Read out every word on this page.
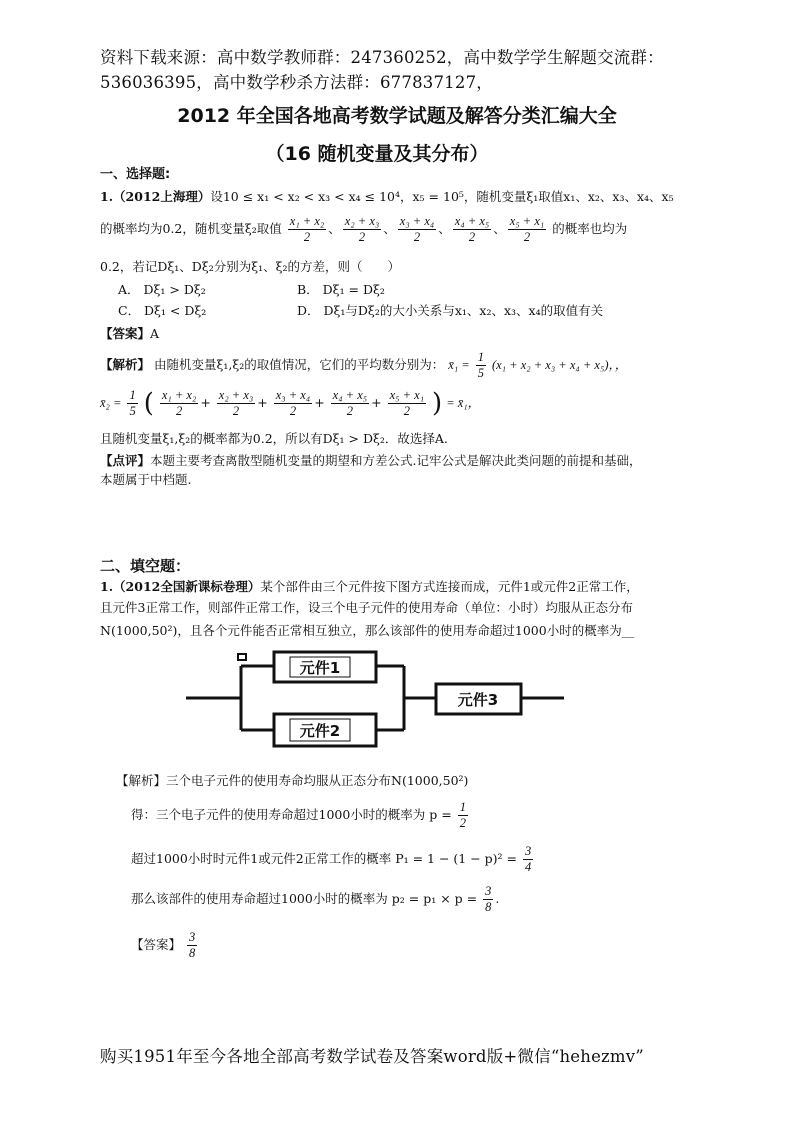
资料下载来源：高中数学教师群：247360252，高中数学学生解题交流群：
536036395，高中数学秒杀方法群：677837127，
2012 年全国各地高考数学试题及解答分类汇编大全
（16 随机变量及其分布）
一、选择题:
1.（2012上海理）设10 ≤ x₁ < x₂ < x₃ < x₄ ≤ 10⁴，x₅ = 10⁵，随机变量ξ₁取值x₁、x₂、x₃、x₄、x₅
的概率均为0.2，随机变量ξ₂取值 $\frac{\text{x₁ + x₂}}{2}$ 、 $\frac{\text{x₂ + x₃}}{2}$ 、 $\frac{\text{x₃ + x₄}}{2}$ 、 $\frac{\text{x₄ + x₅}}{2}$ 、 $\frac{\text{x₅ + x₁}}{2}$ 的概率也均为
0.2，若记Dξ₁、Dξ₂分别为ξ₁、ξ₂的方差，则（　　）
A． Dξ₁ > Dξ₂	B． Dξ₁ = Dξ₂
C． Dξ₁ < Dξ₂	D． Dξ₁与Dξ₂的大小关系与x₁、x₂、x₃、x₄的取值有关
【答案】A
【解析】 由随机变量ξ₁,ξ₂的取值情况，它们的平均数分别为： x̄₁ = $\frac{1}{5} (x_1 + x_2 + x_3 + x_4 + x_5)$，，
x̄₂ = $\frac{1}{5}$ ( $\frac{\text{x₁ + x₂}}{2} + \frac{\text{x₂ + x₃}}{2} + \frac{\text{x₃ + x₄}}{2} + \frac{\text{x₄ + x₅}}{2} + \frac{\text{x₅ + x₁}}{2}$ ) = x̄₁，
且随机变量ξ₁,ξ₂的概率都为0.2，所以有Dξ₁ > Dξ₂．故选择A.
【点评】本题主要考查离散型随机变量的期望和方差公式.记牢公式是解决此类问题的前提和基础，
本题属于中档题.
二、填空题：
1.（2012全国新课标卷理）某个部件由三个元件按下图方式连接而成，元件1或元件2正常工作，
且元件3正常工作，则部件正常工作，设三个电子元件的使用寿命（单位：小时）均服从正态分布
N(1000,50²)，且各个元件能否正常相互独立，那么该部件的使用寿命超过1000小时的概率为__
元件1
元件2
元件3
【解析】三个电子元件的使用寿命均服从正态分布N(1000,50²)
得：三个电子元件的使用寿命超过1000小时的概率为 $p = \frac{1}{2}$
超过1000小时时元件1或元件2正常工作的概率 $P_1 = 1 - (1 - p)^2 = \frac{3}{4}$
那么该部件的使用寿命超过1000小时的概率为 $p_2 = p_1 \times p = \frac{3}{8}$ .
【答案】 $\frac{3}{8}$
购买1951年至今各地全部高考数学试卷及答案word版+微信“hehezmv”
